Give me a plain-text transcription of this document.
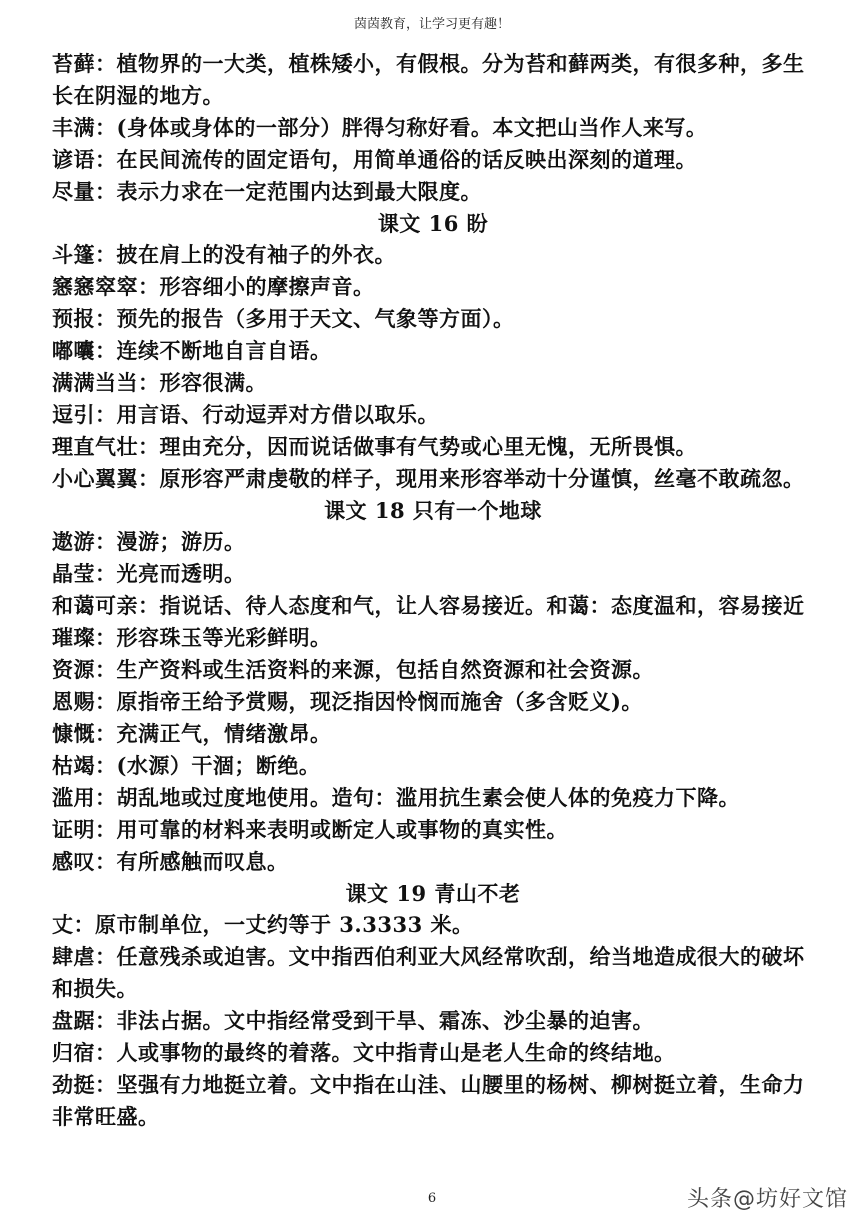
茵茵教育，让学习更有趣！

苔藓：植物界的一大类，植株矮小，有假根。分为苔和藓两类，有很多种，多生长在阴湿的地方。

丰满：(身体或身体的一部分）胖得匀称好看。本文把山当作人来写。

谚语：在民间流传的固定语句，用简单通俗的话反映出深刻的道理。

尽量：表示力求在一定范围内达到最大限度。

课文 16 盼

斗篷：披在肩上的没有袖子的外衣。

窸窸窣窣：形容细小的摩擦声音。

预报：预先的报告（多用于天文、气象等方面）。

嘟囔：连续不断地自言自语。

满满当当：形容很满。

逗引：用言语、行动逗弄对方借以取乐。

理直气壮：理由充分，因而说话做事有气势或心里无愧，无所畏惧。

小心翼翼：原形容严肃虔敬的样子，现用来形容举动十分谨慎，丝毫不敢疏忽。

课文 18 只有一个地球

遨游：漫游；游历。

晶莹：光亮而透明。

和蔼可亲：指说话、待人态度和气，让人容易接近。和蔼：态度温和，容易接近

璀璨：形容珠玉等光彩鲜明。

资源：生产资料或生活资料的来源，包括自然资源和社会资源。

恩赐：原指帝王给予赏赐，现泛指因怜悯而施舍（多含贬义)。

慷慨：充满正气，情绪激昂。

枯竭：(水源）干涸；断绝。

滥用：胡乱地或过度地使用。造句：滥用抗生素会使人体的免疫力下降。

证明：用可靠的材料来表明或断定人或事物的真实性。

感叹：有所感触而叹息。

课文 19 青山不老

丈：原市制单位，一丈约等于 3.3333 米。

肆虐：任意残杀或迫害。文中指西伯利亚大风经常吹刮，给当地造成很大的破坏和损失。

盘踞：非法占据。文中指经常受到干旱、霜冻、沙尘暴的迫害。

归宿：人或事物的最终的着落。文中指青山是老人生命的终结地。

劲挺：坚强有力地挺立着。文中指在山洼、山腰里的杨树、柳树挺立着，生命力非常旺盛。

6	头条@坊好文馆
